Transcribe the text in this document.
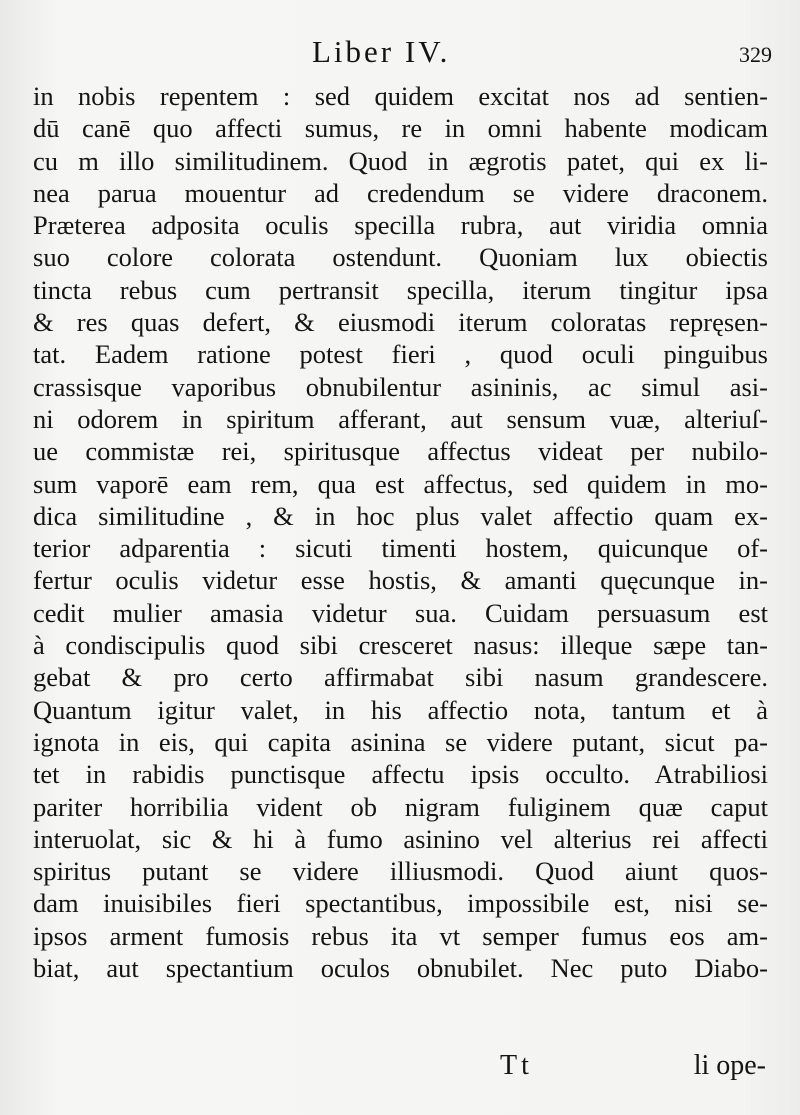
Liber IV.	329
in nobis repentem : sed quidem excitat nos ad sentien-
dū canē quo affecti sumus, re in omni habente modicam
cu m illo similitudinem. Quod in ægrotis patet, qui ex li-
nea parua mouentur ad credendum se videre draconem.
Præterea adposita oculis specilla rubra, aut viridia omnia
suo colore colorata ostendunt. Quoniam lux obiectis
tincta rebus cum pertransit specilla, iterum tingitur ipsa
& res quas defert, & eiusmodi iterum coloratas repręsen-
tat. Eadem ratione potest fieri , quod oculi pinguibus
crassisque vaporibus obnubilentur asininis, ac simul asi-
ni odorem in spiritum afferant, aut sensum vuæ, alteriuſ-
ue commistæ rei, spiritusque affectus videat per nubilo-
sum vaporē eam rem, qua est affectus, sed quidem in mo-
dica similitudine , & in hoc plus valet affectio quam ex-
terior adparentia : sicuti timenti hostem, quicunque of-
fertur oculis videtur esse hostis, & amanti quęcunque in-
cedit mulier amasia videtur sua. Cuidam persuasum est
à condiscipulis quod sibi cresceret nasus: illeque sæpe tan-
gebat & pro certo affirmabat sibi nasum grandescere.
Quantum igitur valet, in his affectio nota, tantum et à
ignota in eis, qui capita asinina se videre putant, sicut pa-
tet in rabidis punctisque affectu ipsis occulto. Atrabiliosi
pariter horribilia vident ob nigram fuliginem quæ caput
interuolat, sic & hi à fumo asinino vel alterius rei affecti
spiritus putant se videre illiusmodi. Quod aiunt quos-
dam inuisibiles fieri spectantibus, impossibile est, nisi se-
ipsos arment fumosis rebus ita vt semper fumus eos am-
biat, aut spectantium oculos obnubilet. Nec puto Diabo-
Tt	li ope-
